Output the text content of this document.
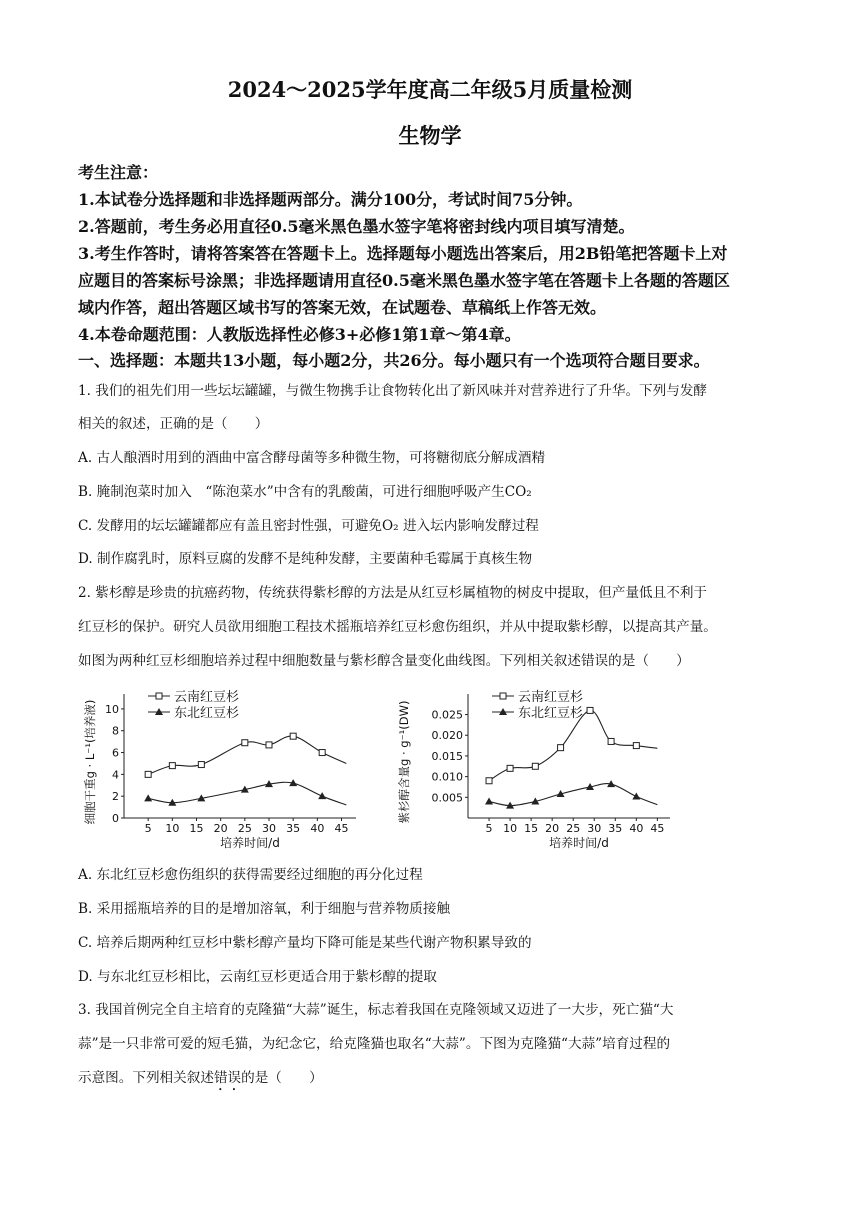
2024～2025学年度高二年级5月质量检测
生物学
考生注意：
1.本试卷分选择题和非选择题两部分。满分100分，考试时间75分钟。
2.答题前，考生务必用直径0.5毫米黑色墨水签字笔将密封线内项目填写清楚。
3.考生作答时，请将答案答在答题卡上。选择题每小题选出答案后，用2B铅笔把答题卡上对
应题目的答案标号涂黑；非选择题请用直径0.5毫米黑色墨水签字笔在答题卡上各题的答题区
域内作答，超出答题区域书写的答案无效，在试题卷、草稿纸上作答无效。
4.本卷命题范围：人教版选择性必修3+必修1第1章～第4章。
一、选择题：本题共13小题，每小题2分，共26分。每小题只有一个选项符合题目要求。
1. 我们的祖先们用一些坛坛罐罐，与微生物携手让食物转化出了新风味并对营养进行了升华。下列与发酵
相关的叙述，正确的是（　　）
A. 古人酿酒时用到的酒曲中富含酵母菌等多种微生物，可将糖彻底分解成酒精
B. 腌制泡菜时加入　“陈泡菜水”中含有的乳酸菌，可进行细胞呼吸产生CO₂
C. 发酵用的坛坛罐罐都应有盖且密封性强，可避免O₂ 进入坛内影响发酵过程
D. 制作腐乳时，原料豆腐的发酵不是纯种发酵，主要菌种毛霉属于真核生物
2. 紫杉醇是珍贵的抗癌药物，传统获得紫杉醇的方法是从红豆杉属植物的树皮中提取，但产量低且不利于
红豆杉的保护。研究人员欲用细胞工程技术摇瓶培养红豆杉愈伤组织，并从中提取紫杉醇，以提高其产量。
如图为两种红豆杉细胞培养过程中细胞数量与紫杉醇含量变化曲线图。下列相关叙述错误的是（　　）
5 10 15 20 25 30 35 40 45
0
2
4
6
8
10
培养时间/d
细胞干重g · L⁻¹(培养液)
云南红豆杉
东北红豆杉
5 10 15 20 25 30 35 40 45
0.005
0.010
0.015
0.020
0.025
培养时间/d
紫杉醇含量g · g⁻¹(DW)
云南红豆杉
东北红豆杉
A. 东北红豆杉愈伤组织的获得需要经过细胞的再分化过程
B. 采用摇瓶培养的目的是增加溶氧，利于细胞与营养物质接触
C. 培养后期两种红豆杉中紫杉醇产量均下降可能是某些代谢产物积累导致的
D. 与东北红豆杉相比，云南红豆杉更适合用于紫杉醇的提取
3. 我国首例完全自主培育的克隆猫“大蒜”诞生，标志着我国在克隆领域又迈进了一大步，死亡猫“大
蒜”是一只非常可爱的短毛猫，为纪念它，给克隆猫也取名“大蒜”。下图为克隆猫“大蒜”培育过程的
示意图。下列相关叙述错误的是（　　）
